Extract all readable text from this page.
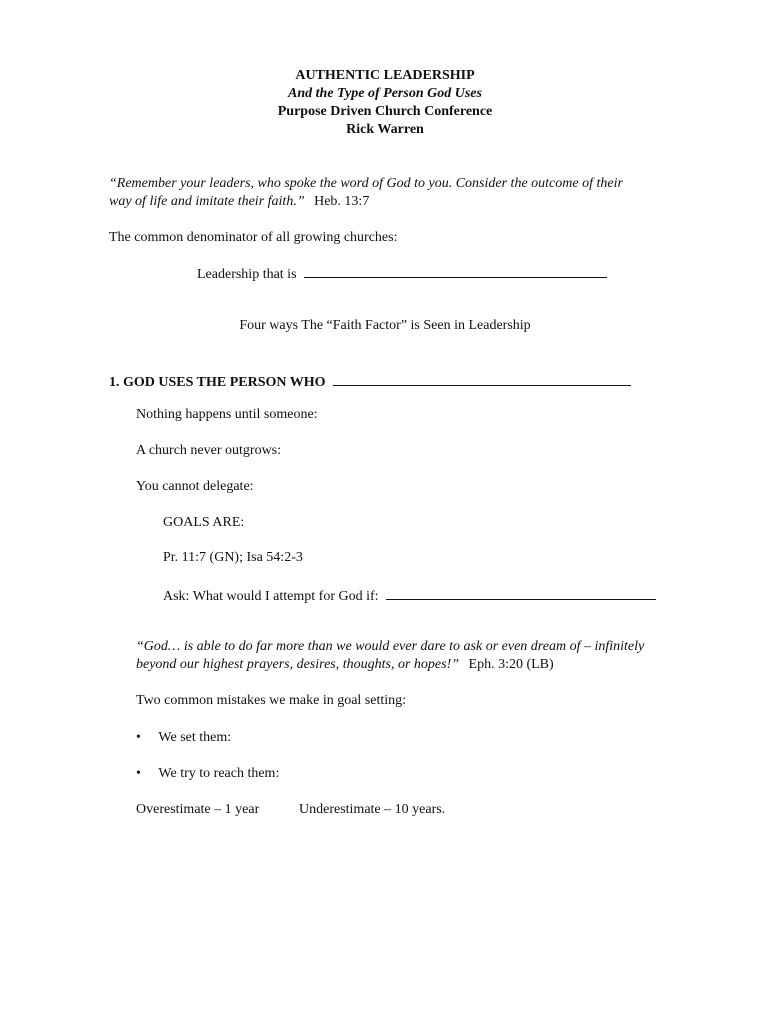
AUTHENTIC LEADERSHIP
And the Type of Person God Uses
Purpose Driven Church Conference
Rick Warren
“Remember your leaders, who spoke the word of God to you. Consider the outcome of their
way of life and imitate their faith.” Heb. 13:7
The common denominator of all growing churches:
Leadership that is
Four ways The “Faith Factor” is Seen in Leadership
1. GOD USES THE PERSON WHO
Nothing happens until someone:
A church never outgrows:
You cannot delegate:
GOALS ARE:
Pr. 11:7 (GN); Isa 54:2-3
Ask: What would I attempt for God if:
“God… is able to do far more than we would ever dare to ask or even dream of – infinitely
beyond our highest prayers, desires, thoughts, or hopes!” Eph. 3:20 (LB)
Two common mistakes we make in goal setting:
• We set them:
• We try to reach them:
Overestimate – 1 year	Underestimate – 10 years.
